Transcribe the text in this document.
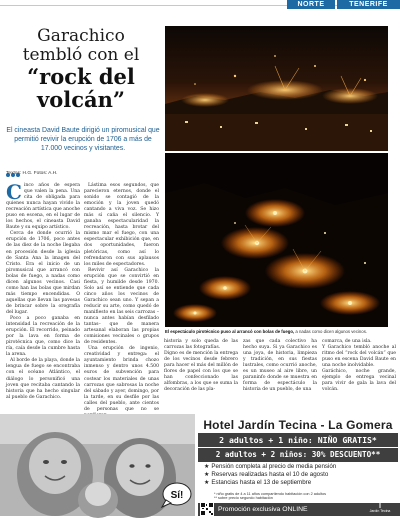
NORTE	TENERIFE
Garachico
tembló con el
“rock del
volcán”
El cineasta David Baute dirigió un piromusical que permitió revivir la erupción de 1706 a más de 17.000 vecinos y visitantes.
Textos: H.G. Fotos: A.H.

C inco años de espera que valen la pena. Una cita de obligada para quienes nunca hayan vivido la recreación artística que anoche puso en escena, en el lugar de los hechos, el cineasta David Baute y su equipo artístico.

Cerca de donde ocurrió la erupción de 1706, poco antes de las diez de la noche llegaba en procesión desde la iglesia de Santa Ana la imagen del Cristo. Era el inicio de un piromusical que arrancó con bolas de fuego, a nadas como dicen algunos vecinos. Casi como han las bolas que mirdan más tiempo encendidas. O aquellas que llevan las pavesas de brincar sobre la orografía del lugar.

Poco a poco ganaba en intensidad la recreación de la erupción. El recorrido, peinado por la lava en forma de pirotécnica que, como dice la ría, caía desde la cumbre hasta la arena.

Al borde de la playa, donde la lengua de fuego se encontraba con el océano Atlántico, el diálogo lo personificó una joven que recitaba cantando la historia que ha hecho singular al pueblo de Garachico.

Lástima esos segundos, que parecieron eternos, donde el sonido se contagió de la emoción y la joven quedó cantando a viva voz. Se hizo más sí caña el silencio. Y ganaba espectacularidad la recreación, hasta brotar del mismo mar el fuego, con una espectacular exhibición que, en dos oportunidades, fueron pletóricas, como así lo refrendaron con sus aplausos los miles de espectadores.

Revivir así Garachico la erupción que se convirtió en fiesta, y humilde desde 1970. Solo así se entiende que cada cinco años los vecinos de Garachico sean uno. Y sepan a reducir su arte, como quedó de manifiesto en las seis carrozas –nunca antes habían desfilado tantas– que de manera artesanal elaboran las propias comisiones vecinales o grupos de residentes.

Una erupción de ingenio, creatividad y entrega: el ayuntamiento brinda chozo inmenso y dentro unos 4.500 euros de subvención para costear los materiales de unas carrozas que sabrosas la noche del sábado y ayer, domingo, por la tarde, en su desfile por las calles del pueblo, ante cientos de personas que no se

El espectáculo pirotécnico puso al arrancó con bolas de fuego, a nadas como dicen algunos vecinos.
historia y solo queda de las carrozas las fotografías.
Digno es de mención la entrega de los vecinos desde febrero para hacer el más del millón de flores de papel con los que se han confeccionado las alfombras, a los que se suma la decoración de las pla-
zas que cada colectivo ha hecho suya. Si ya Garachico es una joya, de historia, limpieza y tradición, en sus fiestas lustrales, como ocurrió anoche, es un museo al aire libre, un paraninfo donde se muestra en forma de espectáculo la historia de un pueblo, de una
comarca, de una isla.
Y Garachico tembló anoche al ritmo del “rock del volcán” que puso en escena David Baute en una noche inolvidable.
Garáchico, noche grande, ejemplo de entrega vecinal para vivir de gala la lava del volcán.
Sí!
Hotel Jardín Tecina - La Gomera
2 adultos + 1 niño: NIÑO GRATIS*
2 adultos + 2 niños: 30% DESCUENTO**
★ Pensión completa al precio de media pensión
★ Reservas realizadas hasta el 10 de agosto
★ Estancias hasta el 13 de septiembre
* niño gratis de 4 a 11 años compartiendo habitación con 2 adultos
** sobre precio segundo habitación
Promoción exclusiva ONLINE	Jardín Tecina
